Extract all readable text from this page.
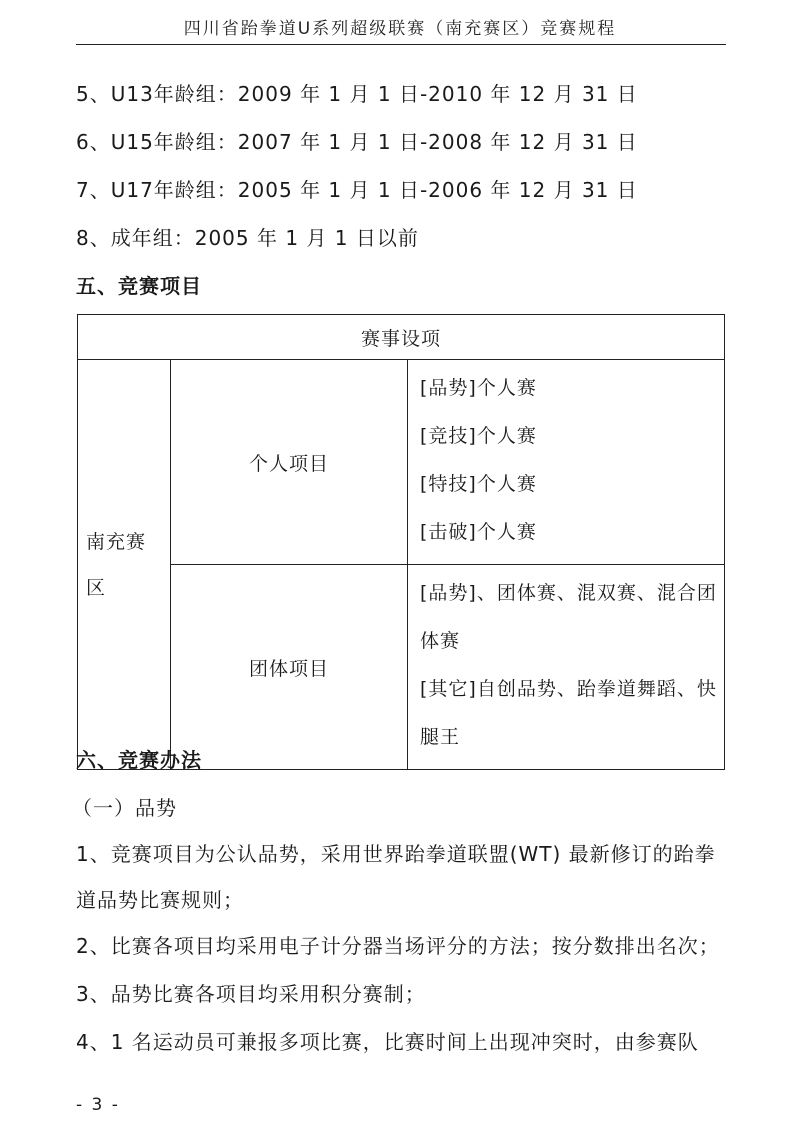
四川省跆拳道U系列超级联赛（南充赛区）竞赛规程
5、U13年龄组：2009 年 1 月 1 日-2010 年 12 月 31 日
6、U15年龄组：2007 年 1 月 1 日-2008 年 12 月 31 日
7、U17年龄组：2005 年 1 月 1 日-2006 年 12 月 31 日
8、成年组：2005 年 1 月 1 日以前
五、竞赛项目
赛事设项		

南充赛区	个人项目	[品势]个人赛
[竞技]个人赛
[特技]个人赛
[击破]个人赛

	团体项目	[品势]、团体赛、混双赛、混合团体赛
[其它]自创品势、跆拳道舞蹈、快腿王
六、竞赛办法
（一）品势
1、竞赛项目为公认品势，采用世界跆拳道联盟(WT) 最新修订的跆拳
道品势比赛规则；
2、比赛各项目均采用电子计分器当场评分的方法；按分数排出名次；
3、品势比赛各项目均采用积分赛制；
4、1 名运动员可兼报多项比赛，比赛时间上出现冲突时，由参赛队
- 3 -
